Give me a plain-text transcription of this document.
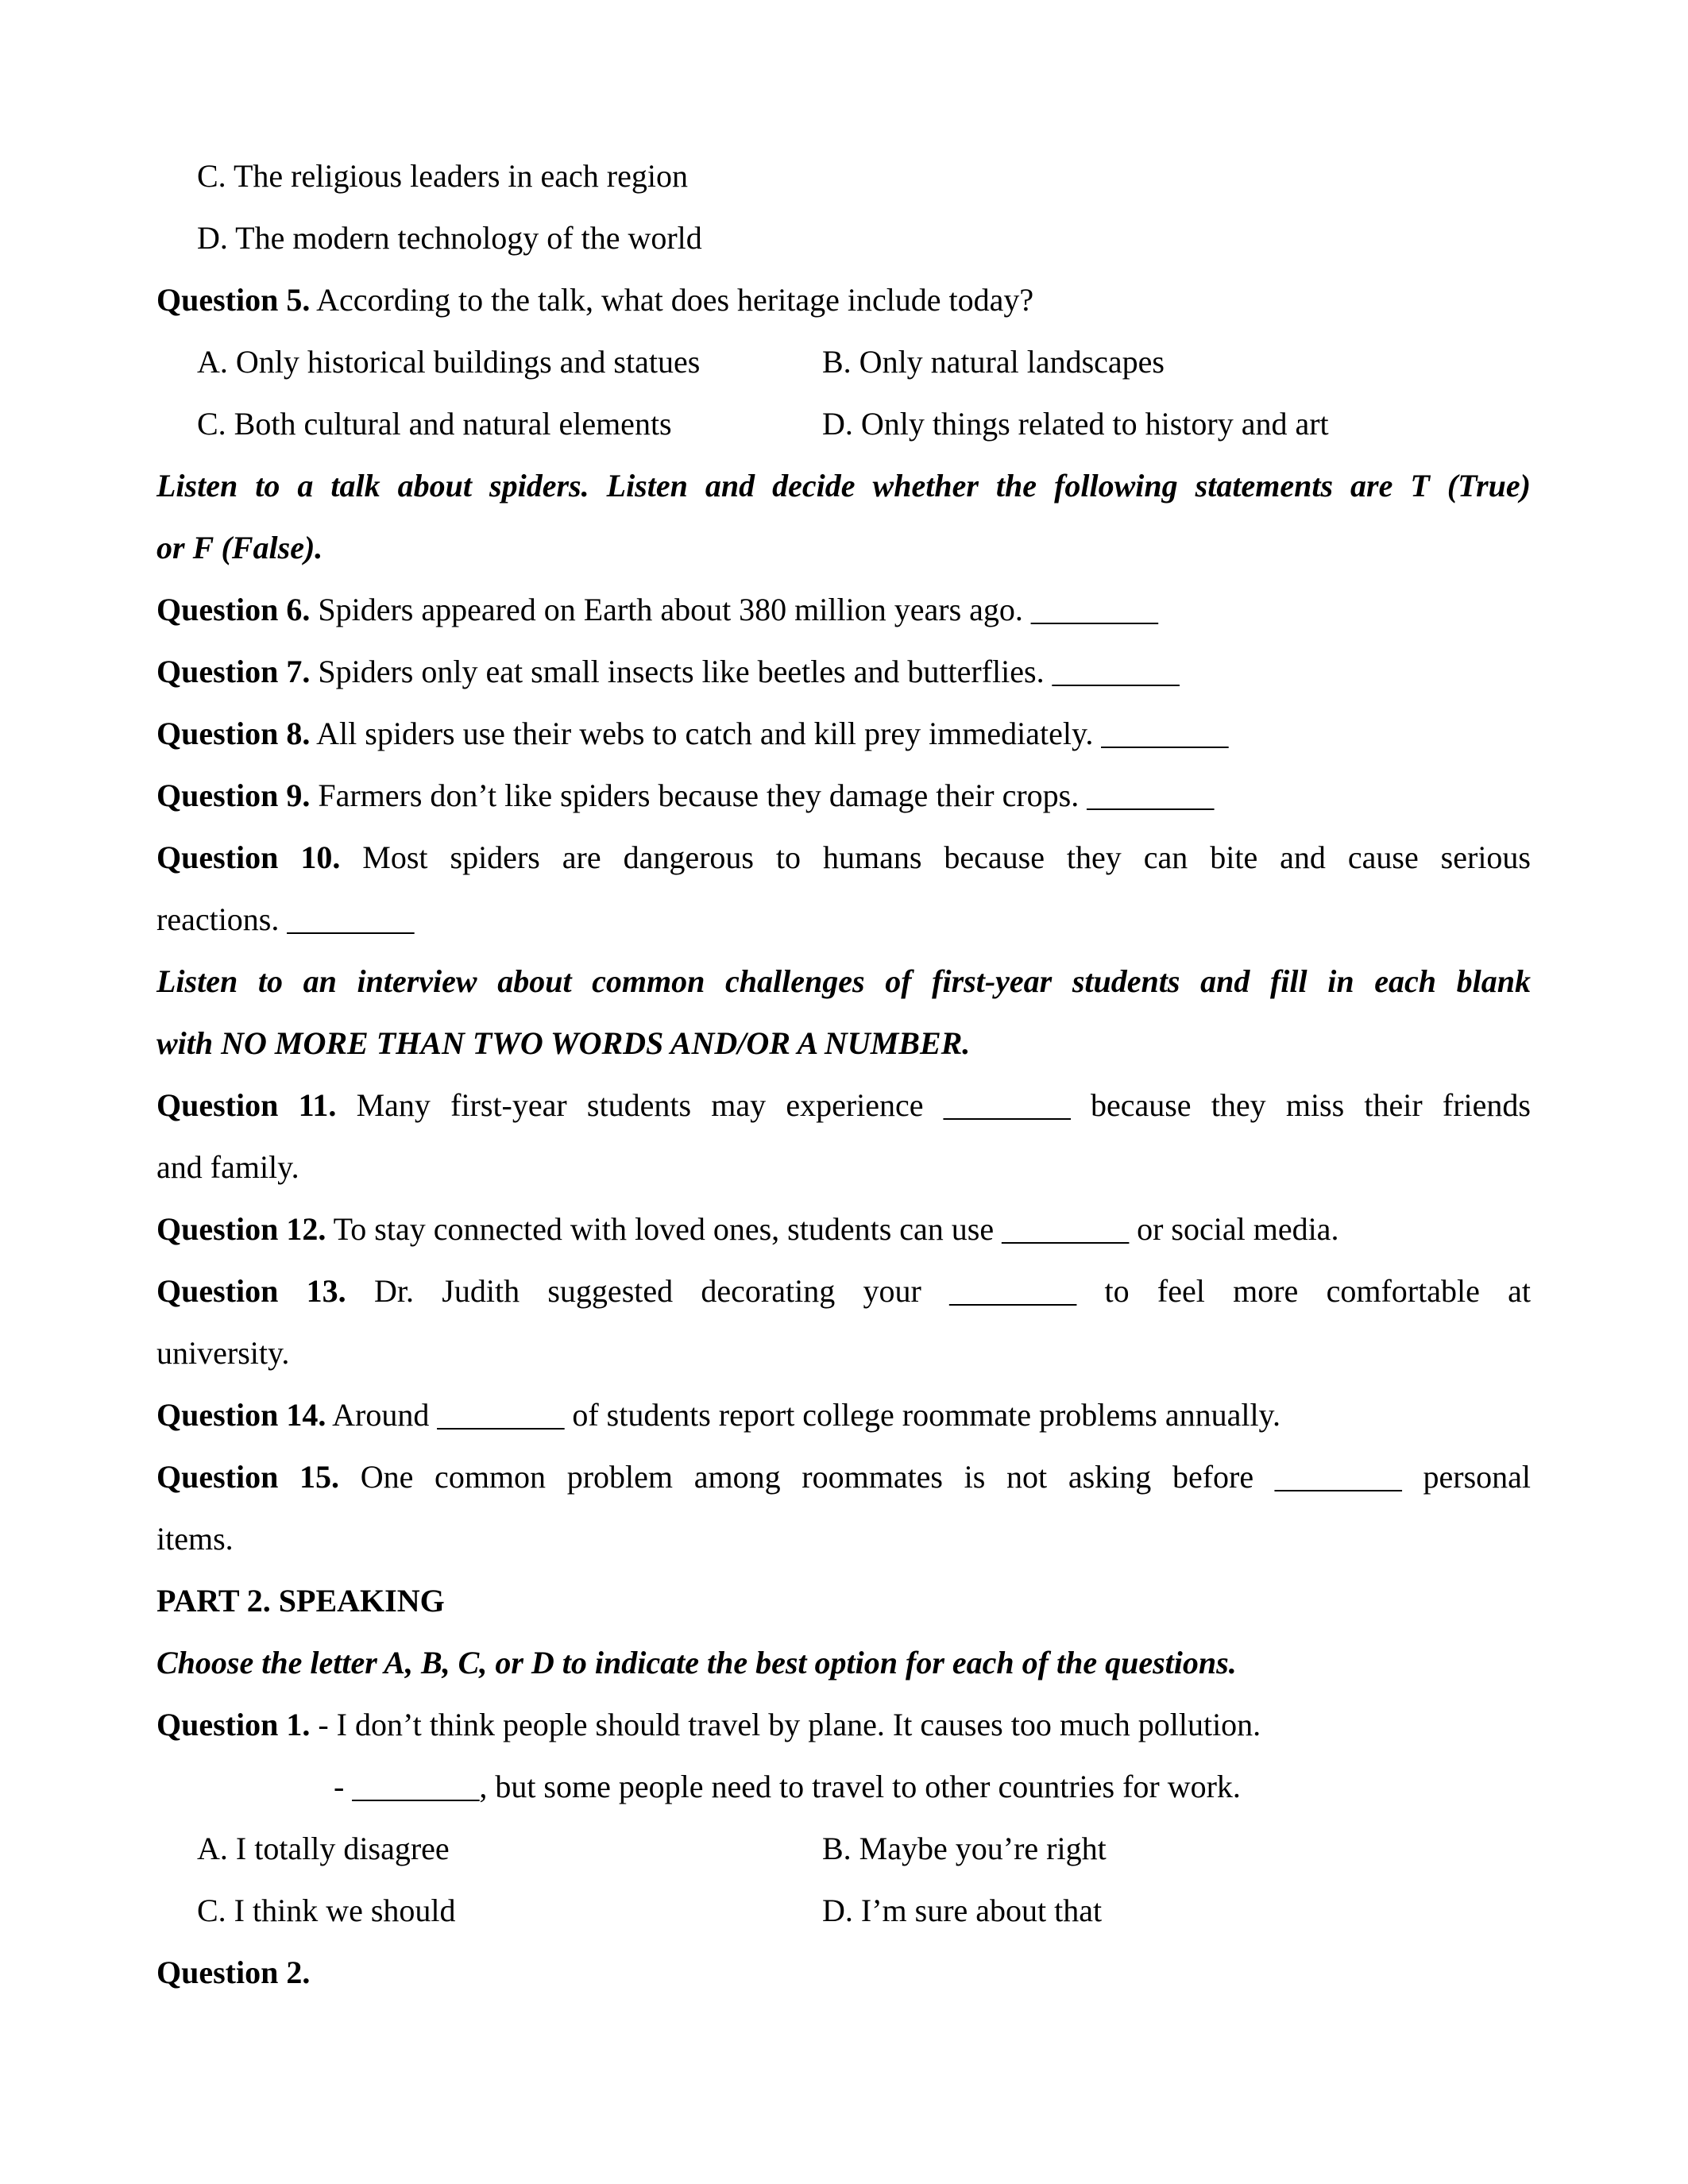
C. The religious leaders in each region
D. The modern technology of the world
Question 5. According to the talk, what does heritage include today?
A. Only historical buildings and statues	B. Only natural landscapes
C. Both cultural and natural elements	D. Only things related to history and art
Listen to a talk about spiders. Listen and decide whether the following statements are T (True)
or F (False).
Question 6. Spiders appeared on Earth about 380 million years ago. ________
Question 7. Spiders only eat small insects like beetles and butterflies. ________
Question 8. All spiders use their webs to catch and kill prey immediately. ________
Question 9. Farmers don’t like spiders because they damage their crops. ________
Question 10. Most spiders are dangerous to humans because they can bite and cause serious
reactions. ________
Listen to an interview about common challenges of first-year students and fill in each blank
with NO MORE THAN TWO WORDS AND/OR A NUMBER.
Question 11. Many first-year students may experience ________ because they miss their friends
and family.
Question 12. To stay connected with loved ones, students can use ________ or social media.
Question 13. Dr. Judith suggested decorating your ________ to feel more comfortable at
university.
Question 14. Around ________ of students report college roommate problems annually.
Question 15. One common problem among roommates is not asking before ________ personal
items.
PART 2. SPEAKING
Choose the letter A, B, C, or D to indicate the best option for each of the questions.
Question 1. - I don’t think people should travel by plane. It causes too much pollution.
- ________, but some people need to travel to other countries for work.
A. I totally disagree	B. Maybe you’re right
C. I think we should	D. I’m sure about that
Question 2.
